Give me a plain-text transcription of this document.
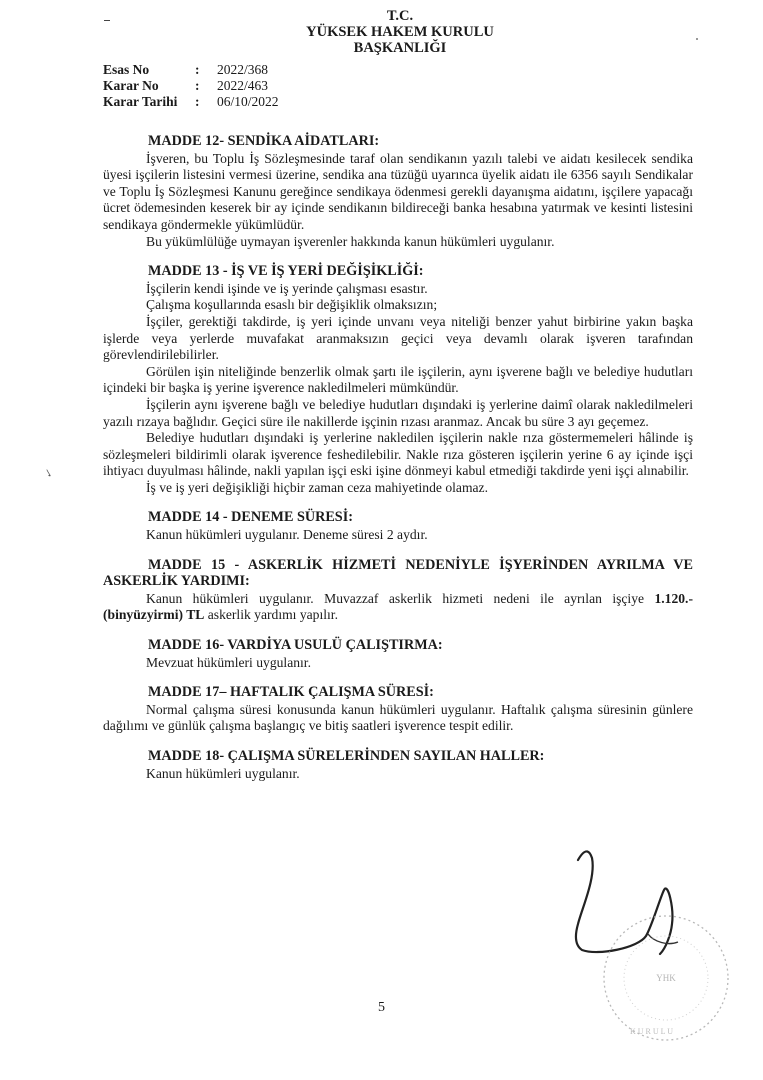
T.C.
YÜKSEK HAKEM KURULU
BAŞKANLIĞI
Esas No	:	2022/368
Karar No	:	2022/463
Karar Tarihi	:	06/10/2022
MADDE 12- SENDİKA AİDATLARI:
İşveren, bu Toplu İş Sözleşmesinde taraf olan sendikanın yazılı talebi ve aidatı kesilecek sendika üyesi işçilerin listesini vermesi üzerine, sendika ana tüzüğü uyarınca üyelik aidatı ile 6356 sayılı Sendikalar ve Toplu İş Sözleşmesi Kanunu gereğince sendikaya ödenmesi gerekli dayanışma aidatını, işçilere yapacağı ücret ödemesinden keserek bir ay içinde sendikanın bildireceği banka hesabına yatırmak ve kesinti listesini sendikaya göndermekle yükümlüdür.
Bu yükümlülüğe uymayan işverenler hakkında kanun hükümleri uygulanır.
MADDE 13 - İŞ VE İŞ YERİ DEĞİŞİKLİĞİ:
İşçilerin kendi işinde ve iş yerinde çalışması esastır.
Çalışma koşullarında esaslı bir değişiklik olmaksızın;
İşçiler, gerektiği takdirde, iş yeri içinde unvanı veya niteliği benzer yahut birbirine yakın başka işlerde veya yerlerde muvafakat aranmaksızın geçici veya devamlı olarak işveren tarafından görevlendirilebilirler.
Görülen işin niteliğinde benzerlik olmak şartı ile işçilerin, aynı işverene bağlı ve belediye hudutları içindeki bir başka iş yerine işverence nakledilmeleri mümkündür.
İşçilerin aynı işverene bağlı ve belediye hudutları dışındaki iş yerlerine daimî olarak nakledilmeleri yazılı rızaya bağlıdır. Geçici süre ile nakillerde işçinin rızası aranmaz. Ancak bu süre 3 ayı geçemez.
Belediye hudutları dışındaki iş yerlerine nakledilen işçilerin nakle rıza göstermemeleri hâlinde iş sözleşmeleri bildirimli olarak işverence feshedilebilir. Nakle rıza gösteren işçilerin yerine 6 ay içinde işçi ihtiyacı duyulması hâlinde, nakli yapılan işçi eski işine dönmeyi kabul etmediği takdirde yeni işçi alınabilir.
İş ve iş yeri değişikliği hiçbir zaman ceza mahiyetinde olamaz.
MADDE 14 - DENEME SÜRESİ:
Kanun hükümleri uygulanır. Deneme süresi 2 aydır.
MADDE 15 - ASKERLİK HİZMETİ NEDENİYLE İŞYERİNDEN AYRILMA VE ASKERLİK YARDIMI:
Kanun hükümleri uygulanır. Muvazzaf askerlik hizmeti nedeni ile ayrılan işçiye 1.120.-(binyüzyirmi) TL askerlik yardımı yapılır.
MADDE 16- VARDİYA USULÜ ÇALIŞTIRMA:
Mevzuat hükümleri uygulanır.
MADDE 17– HAFTALIK ÇALIŞMA SÜRESİ:
Normal çalışma süresi konusunda kanun hükümleri uygulanır. Haftalık çalışma süresinin günlere dağılımı ve günlük çalışma başlangıç ve bitiş saatleri işverence tespit edilir.
MADDE 18- ÇALIŞMA SÜRELERİNDEN SAYILAN HALLER:
Kanun hükümleri uygulanır.
✓
YHK
K U R U L U
5
